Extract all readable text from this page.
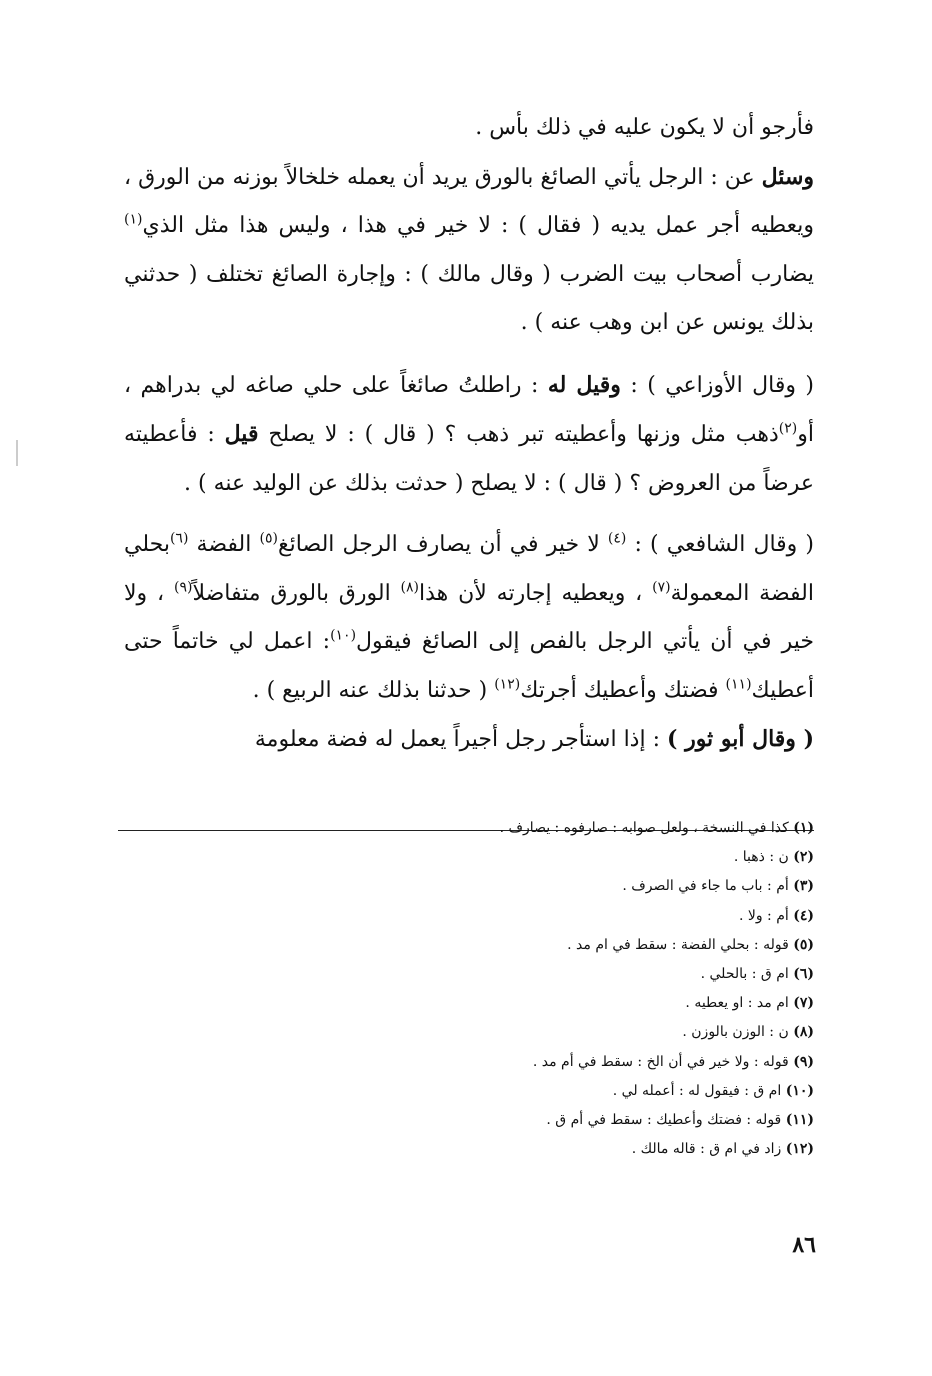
فأرجو أن لا يكون عليه في ذلك بأس .

وسئل عن : الرجل يأتي الصائغ بالورق يريد أن يعمله خلخالاً بوزنه من الورق ، ويعطيه أجر عمل يديه ( فقال ) : لا خير في هذا ، وليس هذا مثل الذي$^{(١)}$ يضارب أصحاب بيت الضرب ( وقال مالك ) : وإجارة الصائغ تختلف ( حدثني بذلك يونس عن ابن وهب عنه ) .

( وقال الأوزاعي ) : وقيل له : راطلتُ صائغاً على حلي صاغه لي بدراهم ، أو$^{(٢)}$ذهب مثل وزنها وأعطيته تبر ذهب ؟ ( قال ) : لا يصلح قيل : فأعطيته عرضاً من العروض ؟ ( قال ) : لا يصلح ( حدثت بذلك عن الوليد عنه ) .

( وقال الشافعي ) : $^{(٤)}$ لا خير في أن يصارف الرجل الصائغ$^{(٥)}$ الفضة $^{(٦)}$بحلي الفضة المعمولة$^{(٧)}$ ، ويعطيه إجارته لأن هذا$^{(٨)}$ الورق بالورق متفاضلاً$^{(٩)}$ ، ولا خير في أن يأتي الرجل بالفص إلى الصائغ فيقول$^{(١٠)}$: اعمل لي خاتماً حتى أعطيك$^{(١١)}$ فضتك وأعطيك أجرتك$^{(١٢)}$ ( حدثنا بذلك عنه الربيع ) .

( وقال أبو ثور ) : إذا استأجر رجل أجيراً يعمل له فضة معلومة

(١) كذا في النسخة ، ولعل صوابه : صارفوه : يصارف .
(٢) ن : ذهبا .
(٣) أم : باب ما جاء في الصرف .
(٤) أم : ولا .
(٥) قوله : بحلي الفضة : سقط في ام مد .
(٦) ام ق : بالحلي .
(٧) ام مد : او يعطيه .
(٨) ن : الوزن بالوزن .
(٩) قوله : ولا خير في أن الخ : سقط في أم مد .
(١٠) ام ق : فيقول له : أعمله لي .
(١١) قوله : فضتك وأعطيك : سقط في أم ق .
(١٢) زاد في ام ق : قاله مالك .
٨٦
